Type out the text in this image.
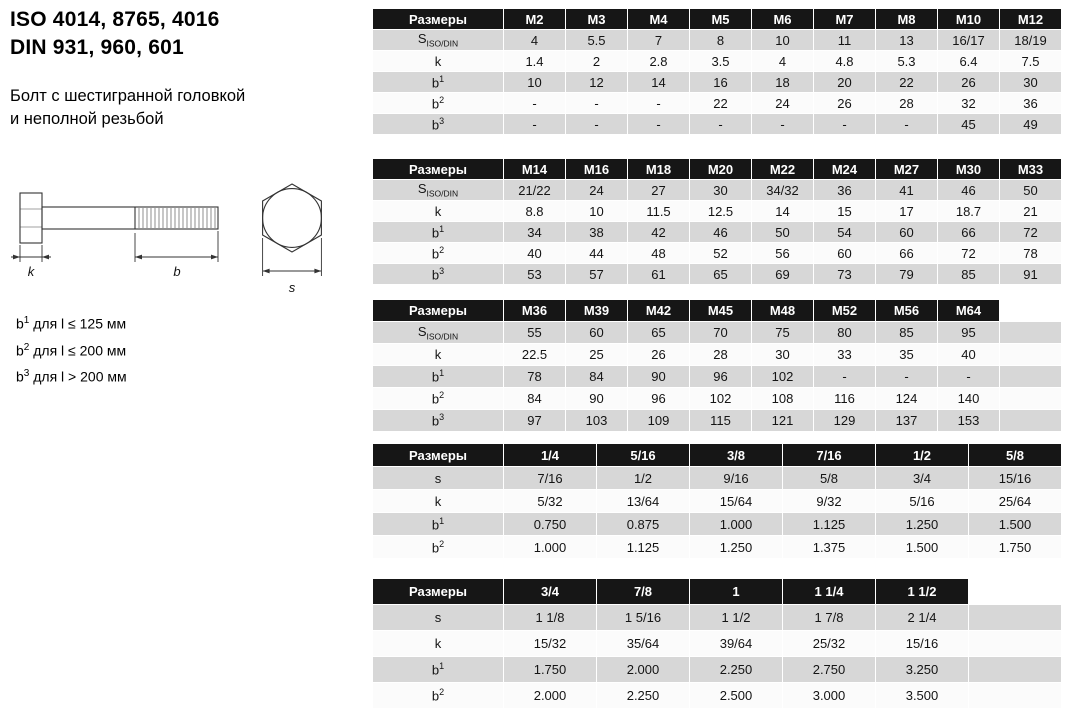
ISO 4014, 8765, 4016
DIN 931, 960, 601
Болт с шестигранной головкой
и неполной резьбой
k	b
s
$b^1$ для l ≤ 125 мм
$b^2$ для l ≤ 200 мм
$b^3$ для l > 200 мм
Размеры	M2	M3	M4	M5	M6	M7	M8	M10	M12
$S_{ISO/DIN}$	4	5.5	7	8	10	11	13	16/17	18/19
k	1.4	2	2.8	3.5	4	4.8	5.3	6.4	7.5
$b^1$	10	12	14	16	18	20	22	26	30
$b^2$	-	-	-	22	24	26	28	32	36
$b^3$	-	-	-	-	-	-	-	45	49
Размеры	M14	M16	M18	M20	M22	M24	M27	M30	M33
$S_{ISO/DIN}$	21/22	24	27	30	34/32	36	41	46	50
k	8.8	10	11.5	12.5	14	15	17	18.7	21
$b^1$	34	38	42	46	50	54	60	66	72
$b^2$	40	44	48	52	56	60	66	72	78
$b^3$	53	57	61	65	69	73	79	85	91
Размеры	M36	M39	M42	M45	M48	M52	M56	M64	
$S_{ISO/DIN}$	55	60	65	70	75	80	85	95	
k	22.5	25	26	28	30	33	35	40	
$b^1$	78	84	90	96	102	-	-	-	
$b^2$	84	90	96	102	108	116	124	140	
$b^3$	97	103	109	115	121	129	137	153	
Размеры	1/4	5/16	3/8	7/16	1/2	5/8
s	7/16	1/2	9/16	5/8	3/4	15/16
k	5/32	13/64	15/64	9/32	5/16	25/64
$b^1$	0.750	0.875	1.000	1.125	1.250	1.500
$b^2$	1.000	1.125	1.250	1.375	1.500	1.750
Размеры	3/4	7/8	1	1 1/4	1 1/2	
s	1 1/8	1 5/16	1 1/2	1 7/8	2 1/4	
k	15/32	35/64	39/64	25/32	15/16	
$b^1$	1.750	2.000	2.250	2.750	3.250	
$b^2$	2.000	2.250	2.500	3.000	3.500	
